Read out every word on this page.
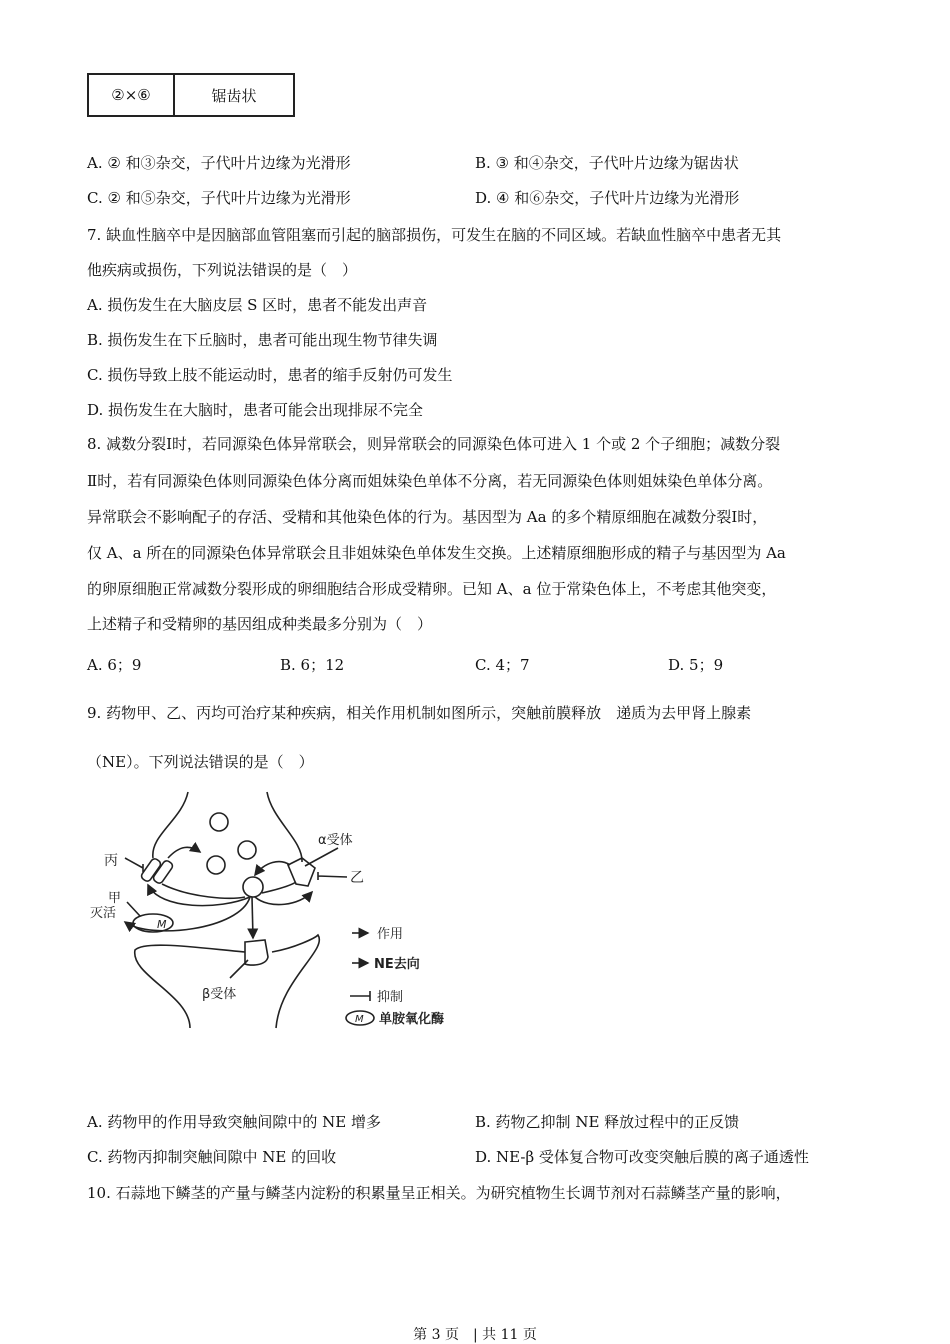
②×⑥	锯齿状
A. ② 和③杂交，子代叶片边缘为光滑形	B. ③ 和④杂交，子代叶片边缘为锯齿状
C. ② 和⑤杂交，子代叶片边缘为光滑形	D. ④ 和⑥杂交，子代叶片边缘为光滑形
7. 缺血性脑卒中是因脑部血管阻塞而引起的脑部损伤，可发生在脑的不同区域。若缺血性脑卒中患者无其
他疾病或损伤，下列说法错误的是（　）
A. 损伤发生在大脑皮层 S 区时，患者不能发出声音
B. 损伤发生在下丘脑时，患者可能出现生物节律失调
C. 损伤导致上肢不能运动时，患者的缩手反射仍可发生
D. 损伤发生在大脑时，患者可能会出现排尿不完全
8. 减数分裂Ⅰ时，若同源染色体异常联会，则异常联会的同源染色体可进入 1 个或 2 个子细胞；减数分裂
Ⅱ时，若有同源染色体则同源染色体分离而姐妹染色单体不分离，若无同源染色体则姐妹染色单体分离。
异常联会不影响配子的存活、受精和其他染色体的行为。基因型为 Aa 的多个精原细胞在减数分裂Ⅰ时，
仅 A、a 所在的同源染色体异常联会且非姐妹染色单体发生交换。上述精原细胞形成的精子与基因型为 Aa
的卵原细胞正常减数分裂形成的卵细胞结合形成受精卵。已知 A、a 位于常染色体上，不考虑其他突变，
上述精子和受精卵的基因组成种类最多分别为（　）
A. 6；9	B. 6；12	C. 4；7	D. 5；9
9. 药物甲、乙、丙均可治疗某种疾病，相关作用机制如图所示，突触前膜释放　递质为去甲肾上腺素
（NE）。下列说法错误的是（　）
M
丙
甲
灭活
α受体
乙
β受体
作用
NE去向
抑制
M 单胺氧化酶
A. 药物甲的作用导致突触间隙中的 NE 增多	B. 药物乙抑制 NE 释放过程中的正反馈
C. 药物丙抑制突触间隙中 NE 的回收	D. NE-β 受体复合物可改变突触后膜的离子通透性
10. 石蒜地下鳞茎的产量与鳞茎内淀粉的积累量呈正相关。为研究植物生长调节剂对石蒜鳞茎产量的影响，
第 3 页　| 共 11 页
